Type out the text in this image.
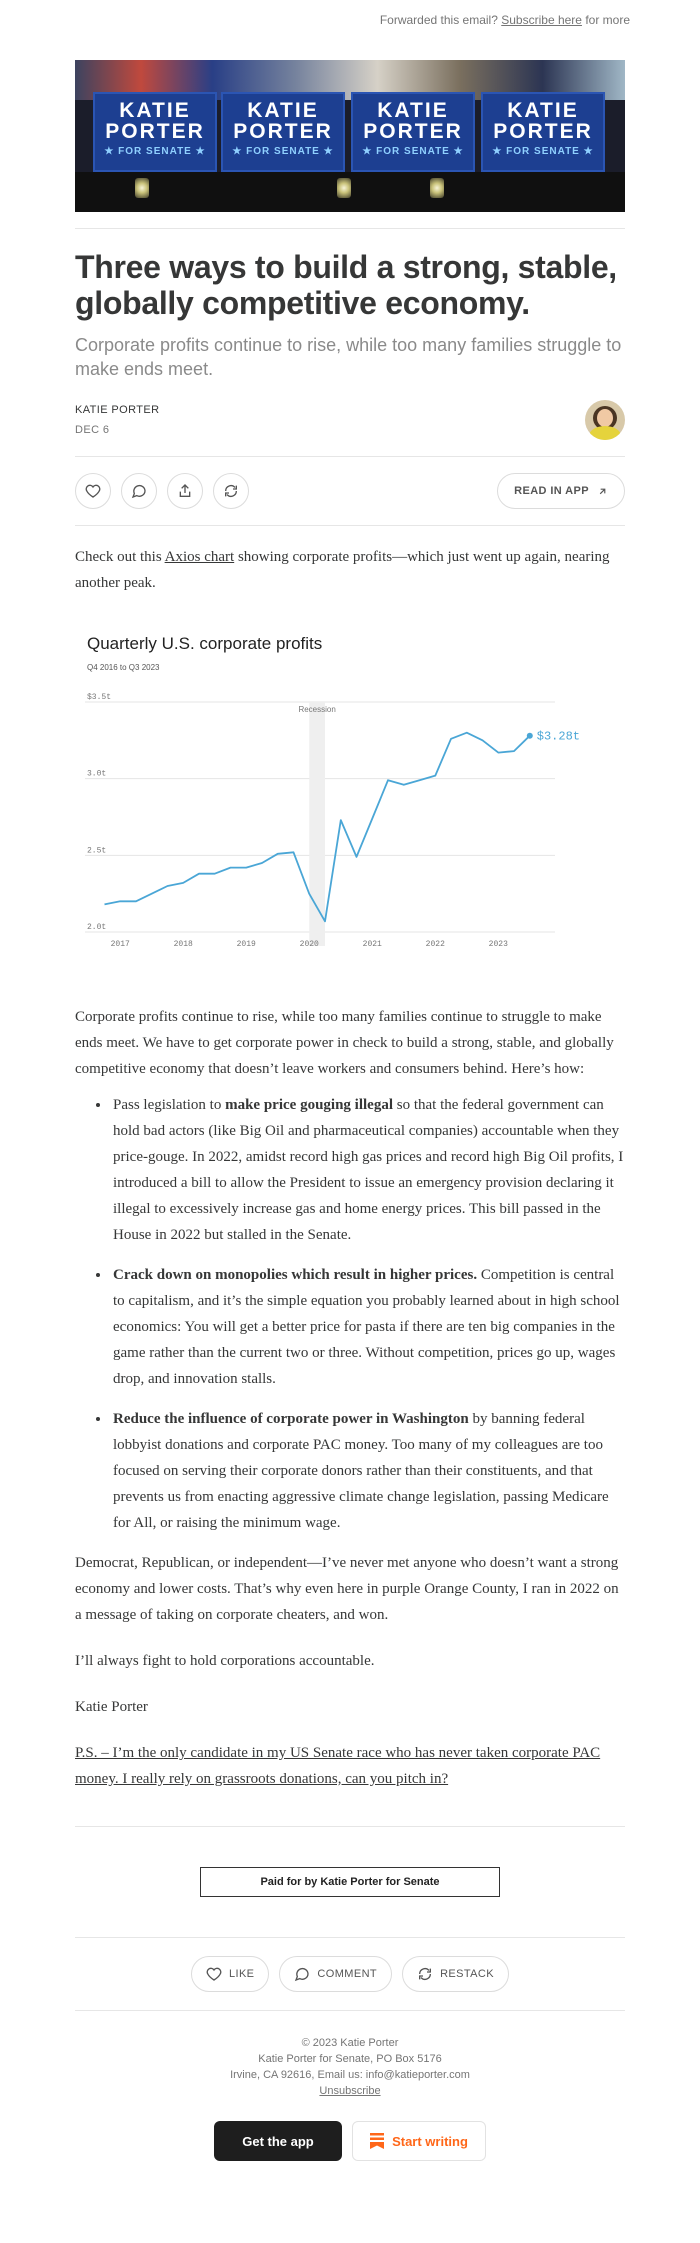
Forwarded this email? Subscribe here for more
KATIE
PORTER
★ FOR SENATE ★
KATIE
PORTER
★ FOR SENATE ★
KATIE
PORTER
★ FOR SENATE ★
KATIE
PORTER
★ FOR SENATE ★
Three ways to build a strong, stable, globally competitive economy.
Corporate profits continue to rise, while too many families struggle to make ends meet.
KATIE PORTER
DEC 6
READ IN APP

Check out this Axios chart showing corporate profits—which just went up again, nearing another peak.

Quarterly U.S. corporate profits
Q4 2016 to Q3 2023
Recession
$3.5t
3.0t
2.5t
2.0t
2017	2018	2019	2020	2021	2022	2023
$3.28t

Corporate profits continue to rise, while too many families continue to struggle to make ends meet. We have to get corporate power in check to build a strong, stable, and globally competitive economy that doesn’t leave workers and consumers behind. Here’s how:

• Pass legislation to make price gouging illegal so that the federal government can hold bad actors (like Big Oil and pharmaceutical companies) accountable when they price-gouge. In 2022, amidst record high gas prices and record high Big Oil profits, I introduced a bill to allow the President to issue an emergency provision declaring it illegal to excessively increase gas and home energy prices. This bill passed in the House in 2022 but stalled in the Senate.
• Crack down on monopolies which result in higher prices. Competition is central to capitalism, and it’s the simple equation you probably learned about in high school economics: You will get a better price for pasta if there are ten big companies in the game rather than the current two or three. Without competition, prices go up, wages drop, and innovation stalls.
• Reduce the influence of corporate power in Washington by banning federal lobbyist donations and corporate PAC money. Too many of my colleagues are too focused on serving their corporate donors rather than their constituents, and that prevents us from enacting aggressive climate change legislation, passing Medicare for All, or raising the minimum wage.

Democrat, Republican, or independent—I’ve never met anyone who doesn’t want a strong economy and lower costs. That’s why even here in purple Orange County, I ran in 2022 on a message of taking on corporate cheaters, and won.

I’ll always fight to hold corporations accountable.

Katie Porter

P.S. – I’m the only candidate in my US Senate race who has never taken corporate PAC money. I really rely on grassroots donations, can you pitch in?

Paid for by Katie Porter for Senate
LIKE	COMMENT	RESTACK
© 2023 Katie Porter
Katie Porter for Senate, PO Box 5176
Irvine, CA 92616, Email us: info@katieporter.com
Unsubscribe
Get the app	Start writing
